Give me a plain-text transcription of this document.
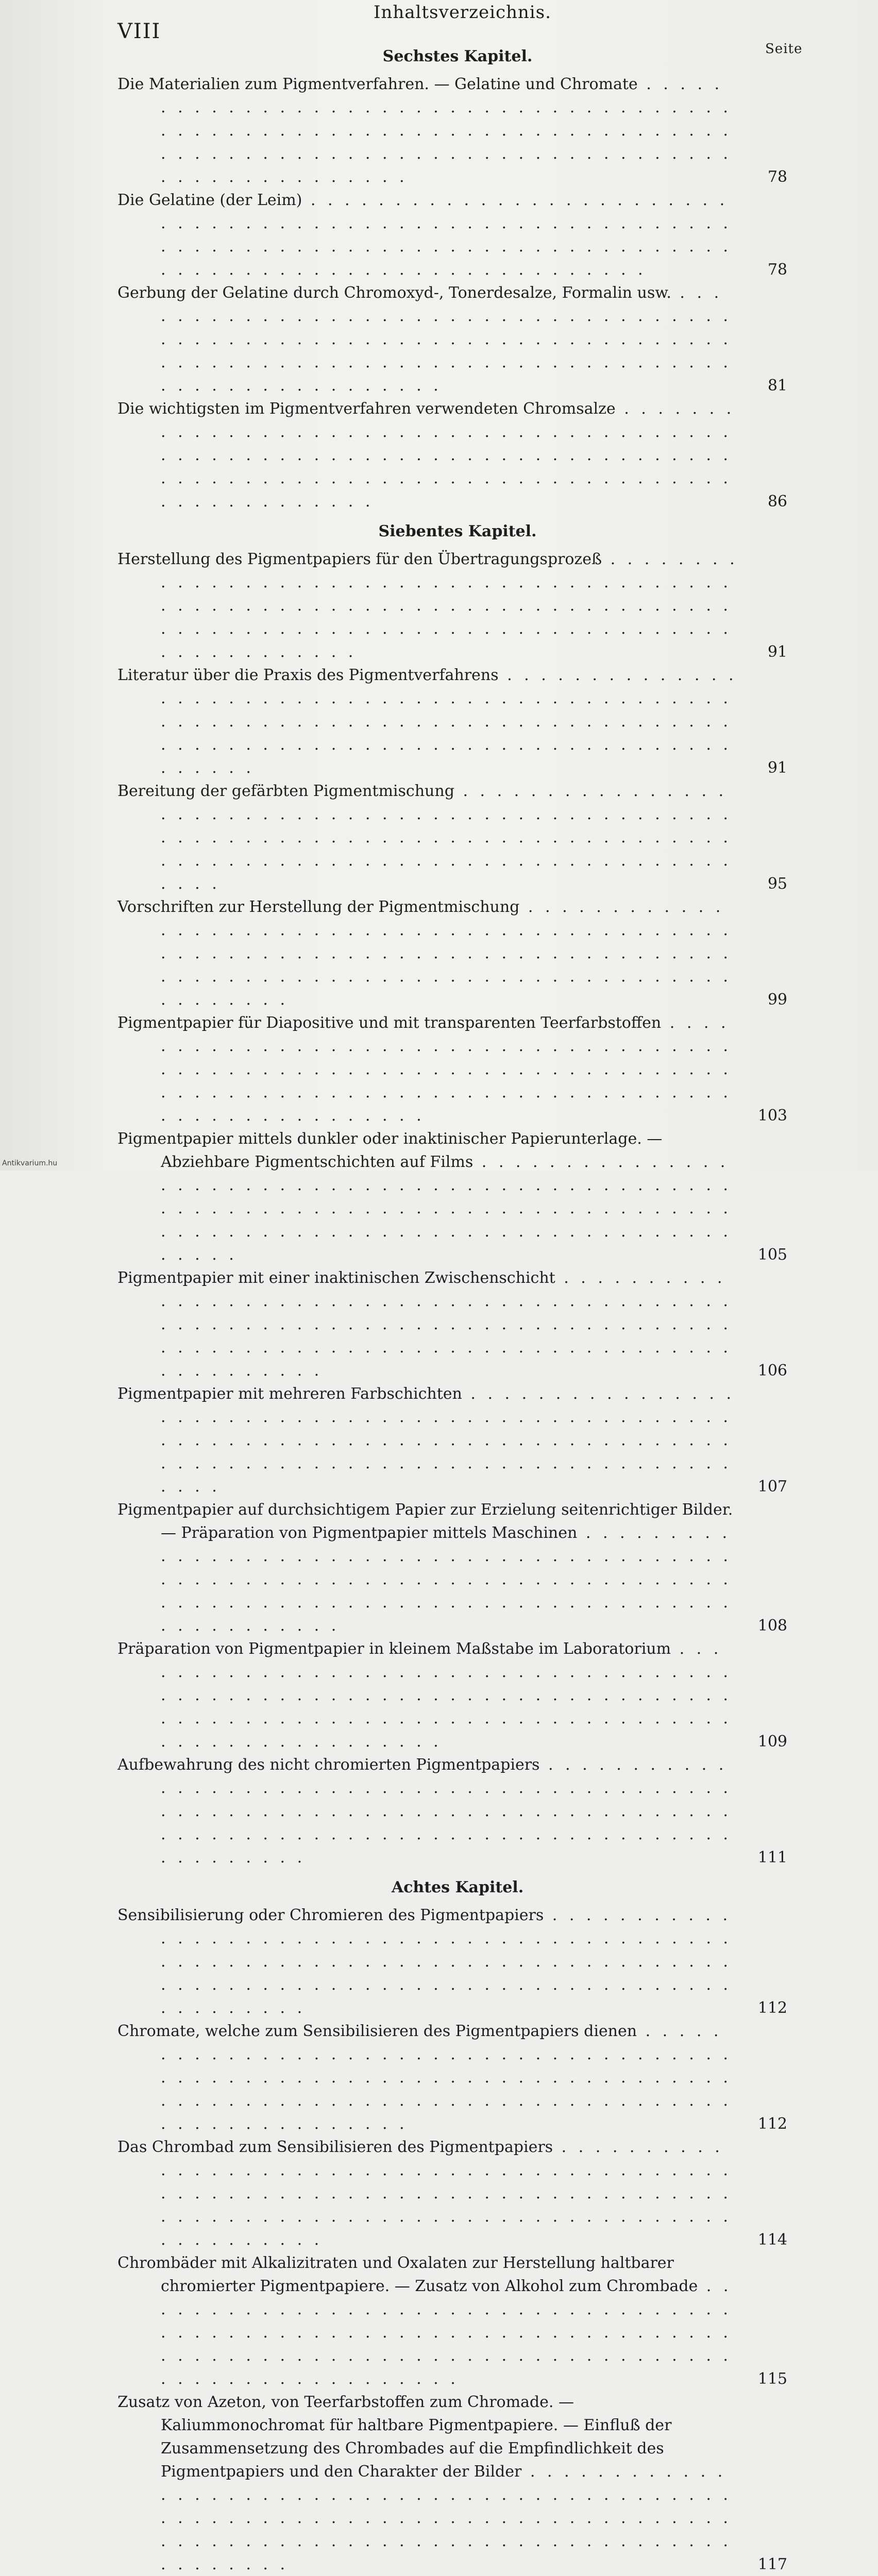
VIII
Inhaltsverzeichnis.
Seite
Sechstes Kapitel.
Die Materialien zum Pigmentverfahren. — Gelatine und Chromate . . .
78
Die Gelatine (der Leim) . . .
78
Gerbung der Gelatine durch Chromoxyd-, Tonerdesalze, Formalin usw. . . .
81
Die wichtigsten im Pigmentverfahren verwendeten Chromsalze . . .
86
Siebentes Kapitel.
Herstellung des Pigmentpapiers für den Übertragungsprozeß . . .
91
Literatur über die Praxis des Pigmentverfahrens . . .
91
Bereitung der gefärbten Pigmentmischung . . .
95
Vorschriften zur Herstellung der Pigmentmischung . . .
99
Pigmentpapier für Diapositive und mit transparenten Teerfarbstoffen . . .
103
Pigmentpapier mittels dunkler oder inaktinischer Papierunterlage. — Abziehbare Pigmentschichten auf Films . . .
105
Pigmentpapier mit einer inaktinischen Zwischenschicht . . .
106
Pigmentpapier mit mehreren Farbschichten . . .
107
Pigmentpapier auf durchsichtigem Papier zur Erzielung seitenrichtiger Bilder. — Präparation von Pigmentpapier mittels Maschinen . . .
108
Präparation von Pigmentpapier in kleinem Maßstabe im Laboratorium . . .
109
Aufbewahrung des nicht chromierten Pigmentpapiers . . .
111
Achtes Kapitel.
Sensibilisierung oder Chromieren des Pigmentpapiers . . .
112
Chromate, welche zum Sensibilisieren des Pigmentpapiers dienen . . .
112
Das Chrombad zum Sensibilisieren des Pigmentpapiers . . .
114
Chrombäder mit Alkalizitraten und Oxalaten zur Herstellung haltbarer chromierter Pigmentpapiere. — Zusatz von Alkohol zum Chrombade . . .
115
Zusatz von Azeton, von Teerfarbstoffen zum Chromade. — Kaliummonochromat für haltbare Pigmentpapiere. — Einfluß der Zusammensetzung des Chrombades auf die Empfindlichkeit des Pigmentpapiers und den Charakter der Bilder . . .
117
Antikvarium.hu
